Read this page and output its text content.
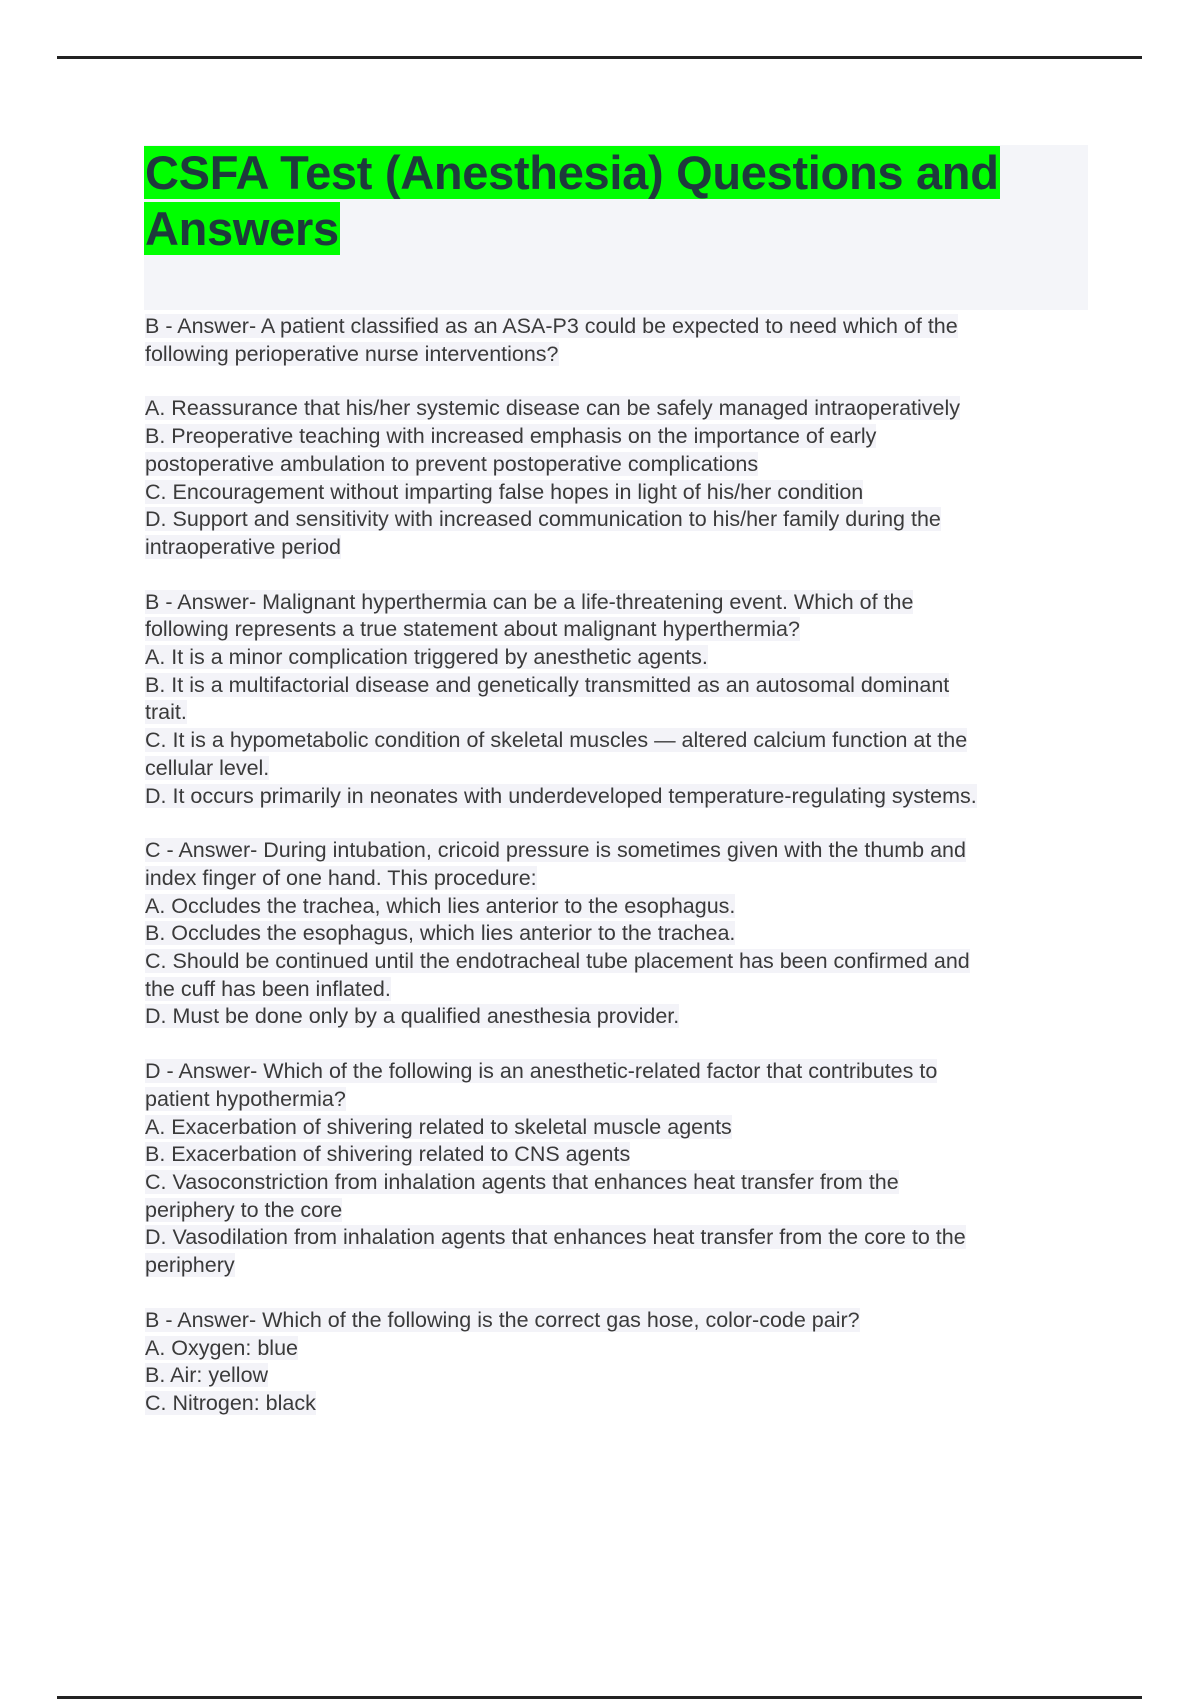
CSFA Test (Anesthesia) Questions and
Answers
B - Answer- A patient classified as an ASA-P3 could be expected to need which of the
following perioperative nurse interventions?
A. Reassurance that his/her systemic disease can be safely managed intraoperatively
B. Preoperative teaching with increased emphasis on the importance of early
postoperative ambulation to prevent postoperative complications
C. Encouragement without imparting false hopes in light of his/her condition
D. Support and sensitivity with increased communication to his/her family during the
intraoperative period
B - Answer- Malignant hyperthermia can be a life-threatening event. Which of the
following represents a true statement about malignant hyperthermia?
A. It is a minor complication triggered by anesthetic agents.
B. It is a multifactorial disease and genetically transmitted as an autosomal dominant
trait.
C. It is a hypometabolic condition of skeletal muscles — altered calcium function at the
cellular level.
D. It occurs primarily in neonates with underdeveloped temperature-regulating systems.
C - Answer- During intubation, cricoid pressure is sometimes given with the thumb and
index finger of one hand. This procedure:
A. Occludes the trachea, which lies anterior to the esophagus.
B. Occludes the esophagus, which lies anterior to the trachea.
C. Should be continued until the endotracheal tube placement has been confirmed and
the cuff has been inflated.
D. Must be done only by a qualified anesthesia provider.
D - Answer- Which of the following is an anesthetic-related factor that contributes to
patient hypothermia?
A. Exacerbation of shivering related to skeletal muscle agents
B. Exacerbation of shivering related to CNS agents
C. Vasoconstriction from inhalation agents that enhances heat transfer from the
periphery to the core
D. Vasodilation from inhalation agents that enhances heat transfer from the core to the
periphery
B - Answer- Which of the following is the correct gas hose, color-code pair?
A. Oxygen: blue
B. Air: yellow
C. Nitrogen: black
